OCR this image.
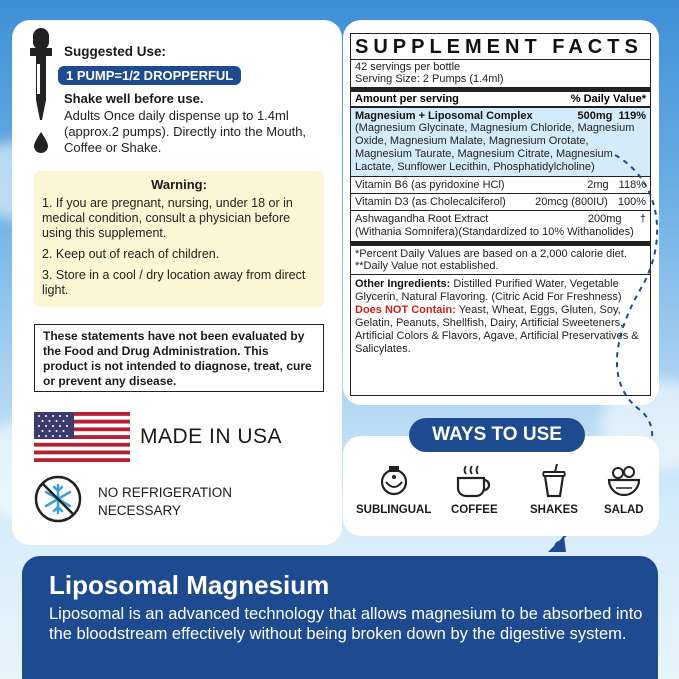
Suggested Use:
1 PUMP=1/2 DROPPERFUL
Shake well before use.
Adults Once daily dispense up to 1.4ml (approx.2 pumps). Directly into the Mouth, Coffee or Shake.
Warning:
1. If you are pregnant, nursing, under 18 or in medical condition, consult a physician before using this supplement.
2. Keep out of reach of children.
3. Store in a cool / dry location away from direct light.
These statements have not been evaluated by the Food and Drug Administration. This product is not intended to diagnose, treat, cure or prevent any disease.
MADE IN USA
NO REFRIGERATION
NECESSARY
SUPPLEMENT FACTS
42 servings per bottle
Serving Size: 2 Pumps (1.4ml)
Amount per serving	% Daily Value*
Magnesium + Liposomal Complex	500mg 119%
(Magnesium Glycinate, Magnesium Chloride, Magnesium Oxide, Magnesium Malate, Magnesium Orotate, Magnesium Taurate, Magnesium Citrate, Magnesium Lactate, Sunflower Lecithin, Phosphatidylcholine)
Vitamin B6 (as pyridoxine HCl)	2mg 118%
Vitamin D3 (as Cholecalciferol)	20mcg (800IU) 100%
Ashwagandha Root Extract	200mg †
(Withania Somnifera)(Standardized to 10% Withanolides)
*Percent Daily Values are based on a 2,000 calorie diet.
**Daily Value not established.
Other Ingredients: Distilled Purified Water, Vegetable Glycerin, Natural Flavoring. (Citric Acid For Freshness) Does NOT Contain: Yeast, Wheat, Eggs, Gluten, Soy, Gelatin, Peanuts, Shellfish, Dairy, Artificial Sweeteners, Artificial Colors & Flavors, Agave, Artificial Preservatives & Salicylates.
WAYS TO USE
SUBLINGUAL COFFEE	SHAKES SALAD
Liposomal Magnesium
Liposomal is an advanced technology that allows magnesium to be absorbed into the bloodstream effectively without being broken down by the digestive system.
